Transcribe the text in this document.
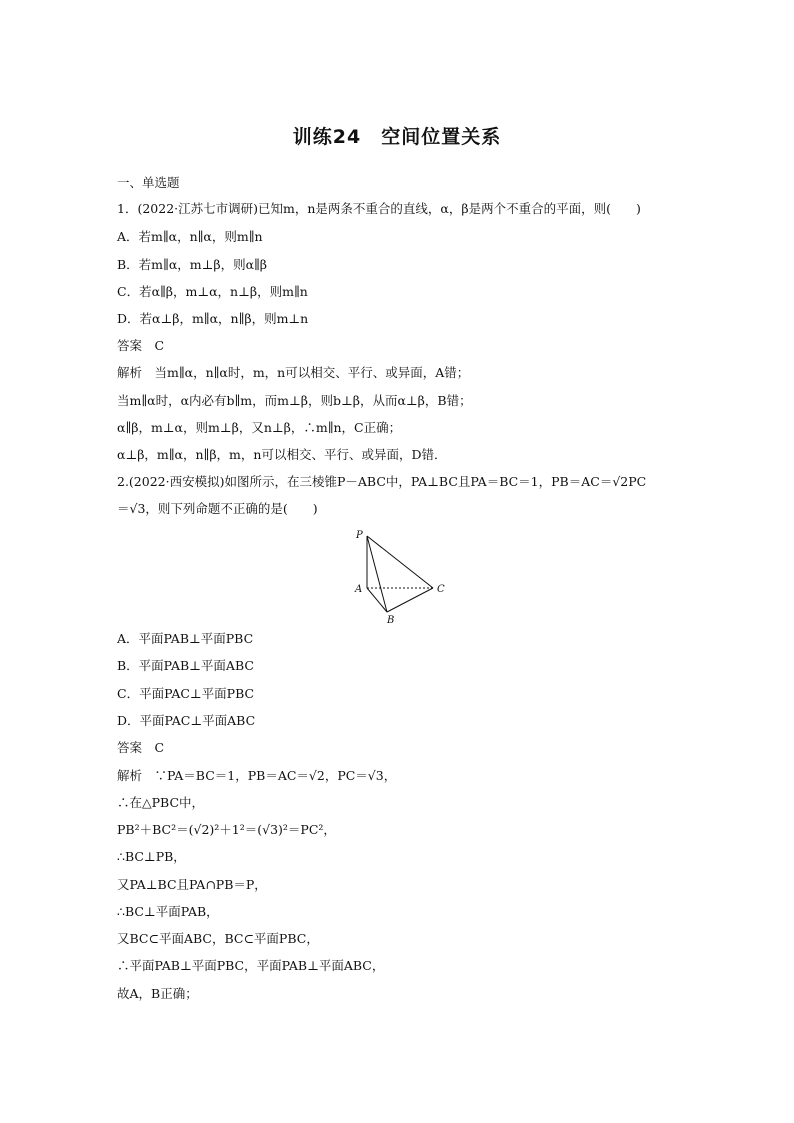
训练24　空间位置关系
一、单选题
1．(2022·江苏七市调研)已知m，n是两条不重合的直线，α，β是两个不重合的平面，则(　　)
A．若m∥α，n∥α，则m∥n
B．若m∥α，m⊥β，则α∥β
C．若α∥β，m⊥α，n⊥β，则m∥n
D．若α⊥β，m∥α，n∥β，则m⊥n
答案　C
解析　当m∥α，n∥α时，m，n可以相交、平行、或异面，A错；
当m∥α时，α内必有b∥m，而m⊥β，则b⊥β，从而α⊥β，B错；
α∥β，m⊥α，则m⊥β，又n⊥β，∴m∥n，C正确；
α⊥β，m∥α，n∥β，m，n可以相交、平行、或异面，D错．
2.(2022·西安模拟)如图所示，在三棱锥P－ABC中，PA⊥BC且PA＝BC＝1，PB＝AC＝√2PC
＝√3，则下列命题不正确的是(　　)
P
A
B
C
A．平面PAB⊥平面PBC
B．平面PAB⊥平面ABC
C．平面PAC⊥平面PBC
D．平面PAC⊥平面ABC
答案　C
解析　∵PA＝BC＝1，PB＝AC＝√2，PC＝√3，
∴在△PBC中，
PB²＋BC²＝(√2)²＋1²＝(√3)²＝PC²，
∴BC⊥PB，
又PA⊥BC且PA∩PB＝P，
∴BC⊥平面PAB，
又BC⊂平面ABC，BC⊂平面PBC，
∴平面PAB⊥平面PBC，平面PAB⊥平面ABC，
故A，B正确；
